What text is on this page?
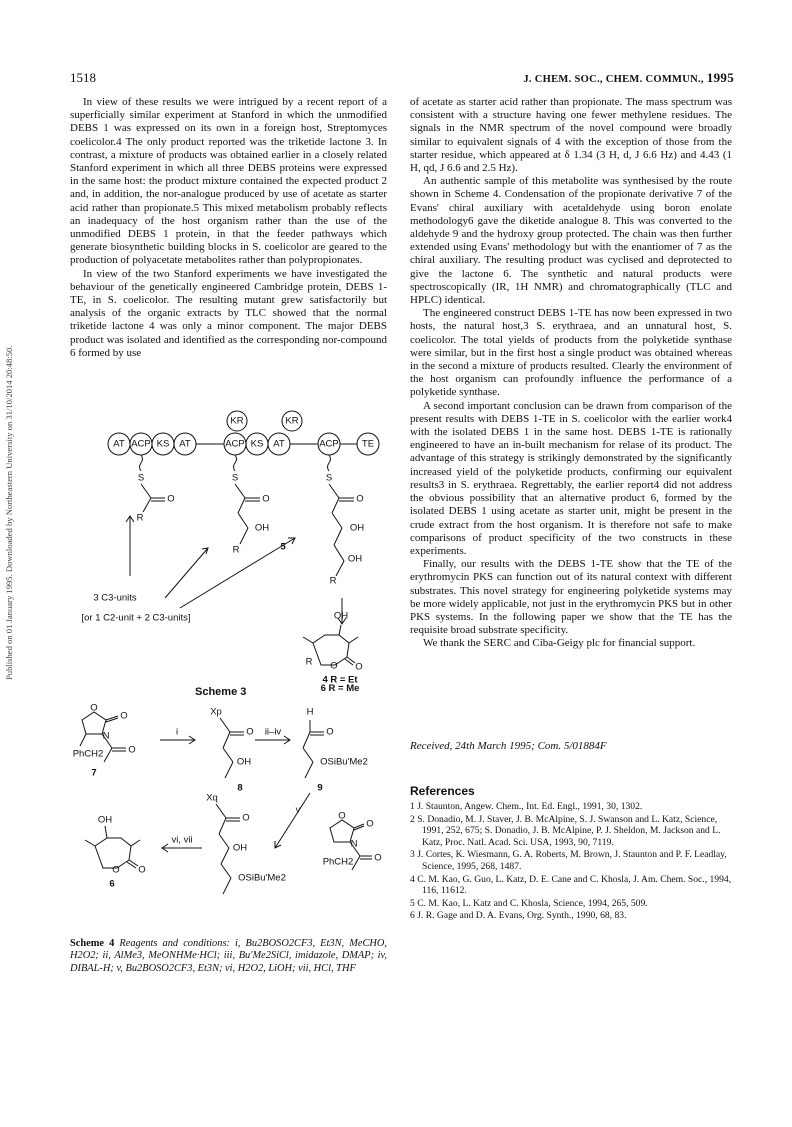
Published on 01 January 1995. Downloaded by Northeastern University on 31/10/2014 20:48:50.
1518	J. CHEM. SOC., CHEM. COMMUN., 1995

In view of these results we were intrigued by a recent report of a superficially similar experiment at Stanford in which the unmodified DEBS 1 was expressed on its own in a foreign host, Streptomyces coelicolor.4 The only product reported was the triketide lactone 3. In contrast, a mixture of products was obtained earlier in a closely related Stanford experiment in which all three DEBS proteins were expressed in the same host: the product mixture contained the expected product 2 and, in addition, the nor-analogue produced by use of acetate as starter acid rather than propionate.5 This mixed metabolism probably reflects an inadequacy of the host organism rather than the use of the unmodified DEBS 1 protein, in that the feeder pathways which generate biosynthetic building blocks in S. coelicolor are geared to the production of polyacetate metabolites rather than polypropionates.

In view of the two Stanford experiments we have investigated the behaviour of the genetically engineered Cambridge protein, DEBS 1-TE, in S. coelicolor. The resulting mutant grew satisfactorily but analysis of the organic extracts by TLC showed that the normal triketide lactone 4 was only a minor component. The major DEBS product was isolated and identified as the corresponding nor-compound 6 formed by use

AT ACP KS AT	ACP KS AT	ACP TE
KR	KR
S	S	S
O	O	O
R
R
R
R
OH	OH
OH
OH
O O
5
3 C3-units
[or 1 C2-unit + 2 C3-units]
4 R = Et
6 R = Me
Scheme 3
O
O
N
O
PhCH2
7
i
Xp
O
OH
8
ii–iv
H
O
OSiBu'Me2
9
v
O
O
N
O
PhCH2
Xq
O
OH
OSiBu'Me2
vi, vii
OH
O O
6
Scheme 4 Reagents and conditions: i, Bu2BOSO2CF3, Et3N, MeCHO, H2O2; ii, AlMe3, MeONHMe·HCl; iii, Bu'Me2SiCl, imidazole, DMAP; iv, DIBAL-H; v, Bu2BOSO2CF3, Et3N; vi, H2O2, LiOH; vii, HCl, THF

of acetate as starter acid rather than propionate. The mass spectrum was consistent with a structure having one fewer methylene residues. The signals in the NMR spectrum of the novel compound were broadly similar to equivalent signals of 4 with the exception of those from the starter residue, which appeared at δ 1.34 (3 H, d, J 6.6 Hz) and 4.43 (1 H, qd, J 6.6 and 2.5 Hz).

An authentic sample of this metabolite was synthesised by the route shown in Scheme 4. Condensation of the propionate derivative 7 of the Evans' chiral auxiliary with acetaldehyde using boron enolate methodology6 gave the diketide analogue 8. This was converted to the aldehyde 9 and the hydroxy group protected. The chain was then further extended using Evans' methodology but with the enantiomer of 7 as the chiral auxiliary. The resulting product was cyclised and deprotected to give the lactone 6. The synthetic and natural products were spectroscopically (IR, 1H NMR) and chromatographically (TLC and HPLC) identical.

The engineered construct DEBS 1-TE has now been expressed in two hosts, the natural host,3 S. erythraea, and an unnatural host, S. coelicolor. The total yields of products from the polyketide synthase were similar, but in the first host a single product was obtained whereas in the second a mixture of products resulted. Clearly the environment of the host organism can profoundly influence the performance of a polyketide synthase.

A second important conclusion can be drawn from comparison of the present results with DEBS 1-TE in S. coelicolor with the earlier work4 with the isolated DEBS 1 in the same host. DEBS 1-TE is rationally engineered to have an in-built mechanism for relase of its product. The advantage of this strategy is strikingly demonstrated by the significantly increased yield of the polyketide products, confirming our equivalent results3 in S. erythraea. Regrettably, the earlier report4 did not address the obvious possibility that an alternative product 6, formed by the isolated DEBS 1 using acetate as starter unit, might be present in the crude extract from the host organism. It is therefore not safe to make comparisons of product specificity of the two constructs in these experiments.

Finally, our results with the DEBS 1-TE show that the TE of the erythromycin PKS can function out of its natural context with different substrates. This novel strategy for engineering polyketide systems may be more widely applicable, not just in the erythromycin PKS but in other PKS systems. In the following paper we show that the TE has the requisite broad substrate specificity.

We thank the SERC and Ciba-Geigy plc for financial support.

Received, 24th March 1995; Com. 5/01884F
References
1 J. Staunton, Angew. Chem., Int. Ed. Engl., 1991, 30, 1302.
2 S. Donadio, M. J. Staver, J. B. McAlpine, S. J. Swanson and L. Katz, Science, 1991, 252, 675; S. Donadio, J. B. McAlpine, P. J. Sheldon, M. Jackson and L. Katz, Proc. Natl. Acad. Sci. USA, 1993, 90, 7119.
3 J. Cortes, K. Wiesmann, G. A. Roberts, M. Brown, J. Staunton and P. F. Leadlay, Science, 1995, 268, 1487.
4 C. M. Kao, G. Guo, L. Katz, D. E. Cane and C. Khosla, J. Am. Chem. Soc., 1994, 116, 11612.
5 C. M. Kao, L. Katz and C. Khosla, Science, 1994, 265, 509.
6 J. R. Gage and D. A. Evans, Org. Synth., 1990, 68, 83.
